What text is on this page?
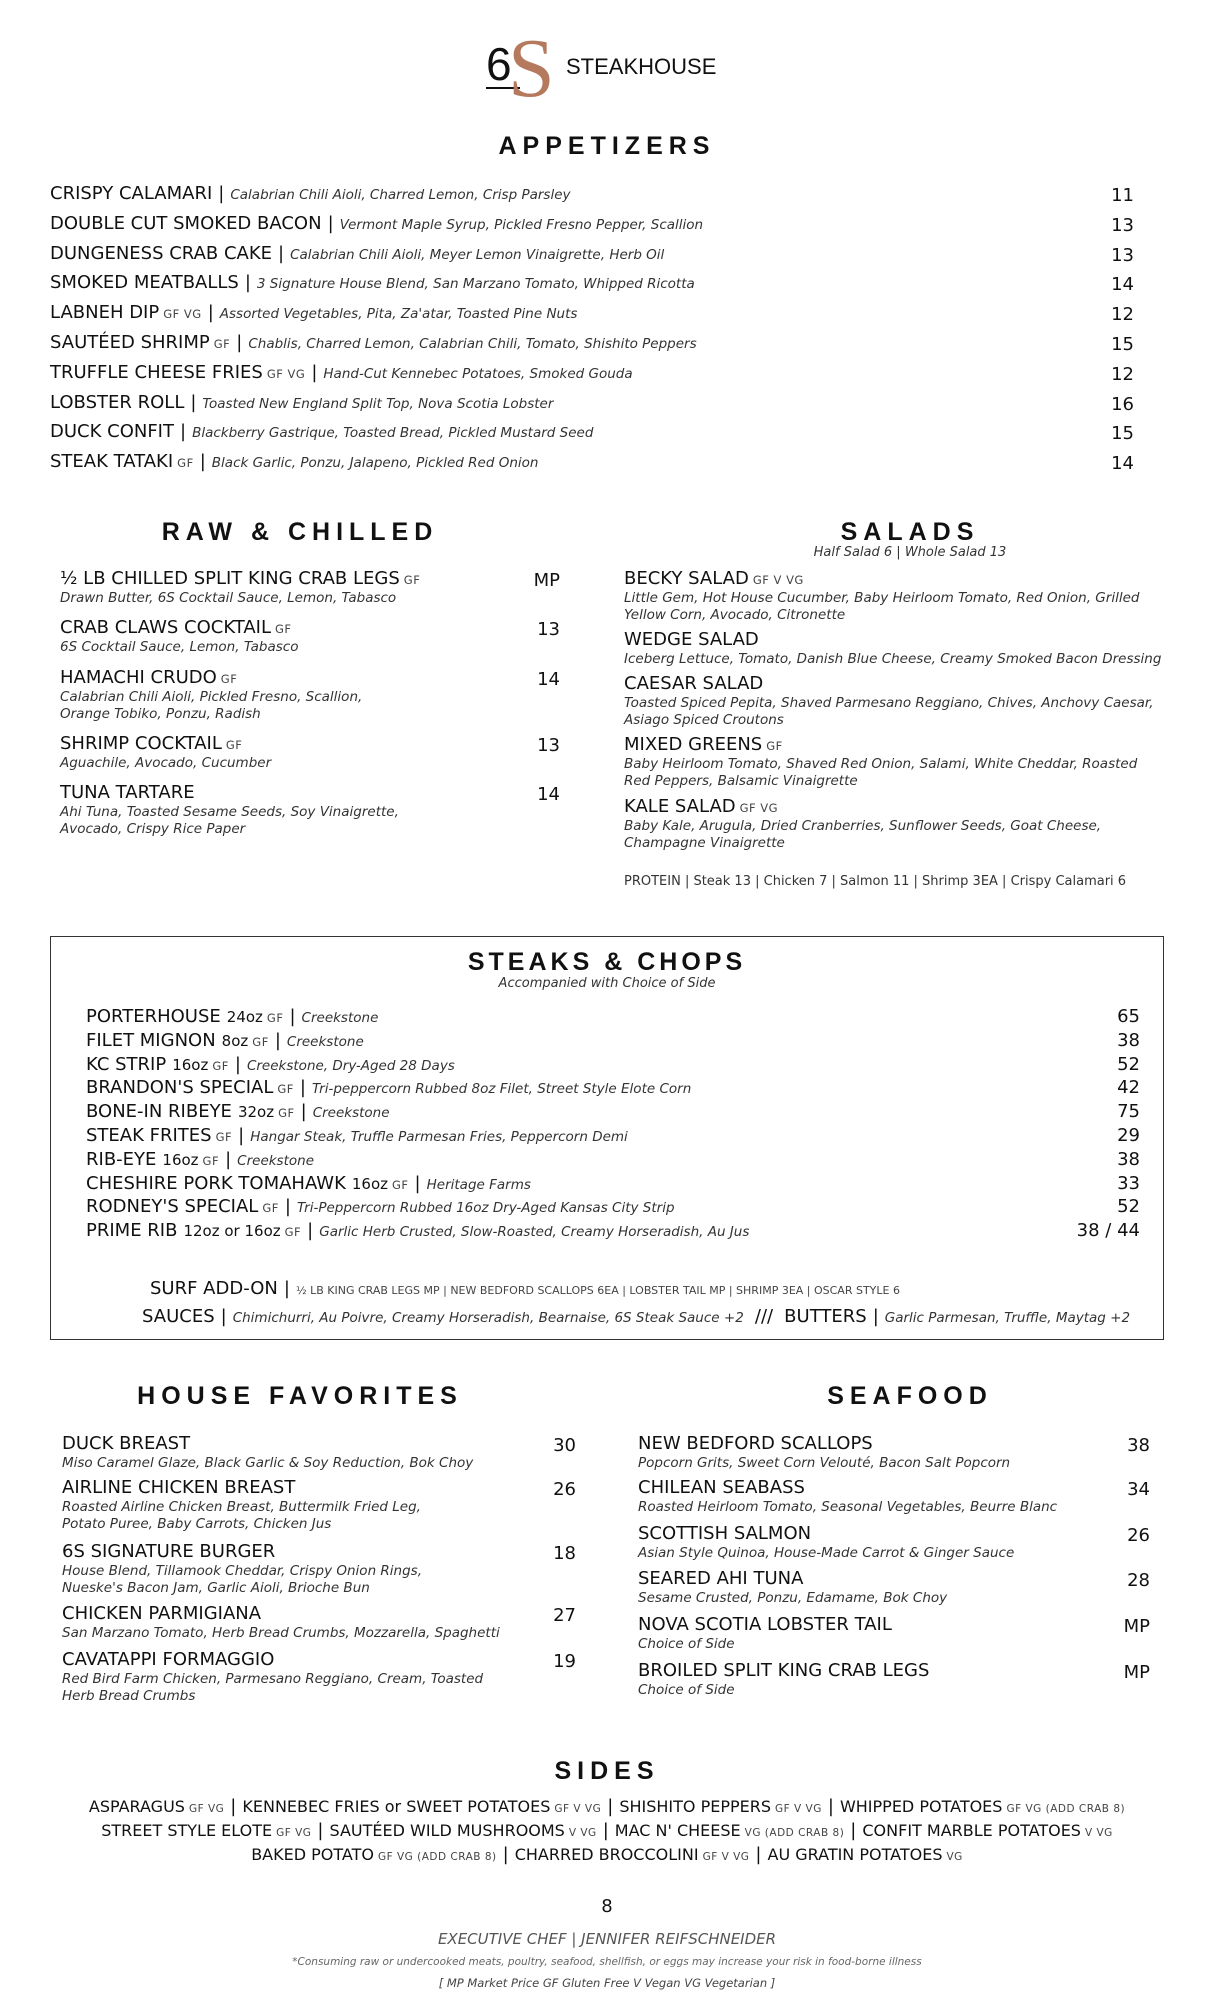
6
S STEAKHOUSE
APPETIZERS
CRISPY CALAMARI | Calabrian Chili Aioli, Charred Lemon, Crisp Parsley	11
DOUBLE CUT SMOKED BACON | Vermont Maple Syrup, Pickled Fresno Pepper, Scallion	13
DUNGENESS CRAB CAKE | Calabrian Chili Aioli, Meyer Lemon Vinaigrette, Herb Oil	13
SMOKED MEATBALLS | 3 Signature House Blend, San Marzano Tomato, Whipped Ricotta	14
LABNEH DIP GF VG | Assorted Vegetables, Pita, Za'atar, Toasted Pine Nuts	12
SAUTÉED SHRIMP GF | Chablis, Charred Lemon, Calabrian Chili, Tomato, Shishito Peppers	15
TRUFFLE CHEESE FRIES GF VG | Hand-Cut Kennebec Potatoes, Smoked Gouda	12
LOBSTER ROLL | Toasted New England Split Top, Nova Scotia Lobster	16
DUCK CONFIT | Blackberry Gastrique, Toasted Bread, Pickled Mustard Seed	15
STEAK TATAKI GF | Black Garlic, Ponzu, Jalapeno, Pickled Red Onion	14
RAW & CHILLED
½ LB CHILLED SPLIT KING CRAB LEGS GF
Drawn Butter, 6S Cocktail Sauce, Lemon, Tabasco
MP
CRAB CLAWS COCKTAIL GF
6S Cocktail Sauce, Lemon, Tabasco
13
HAMACHI CRUDO GF
Calabrian Chili Aioli, Pickled Fresno, Scallion,
Orange Tobiko, Ponzu, Radish
14
SHRIMP COCKTAIL GF
Aguachile, Avocado, Cucumber
13
TUNA TARTARE
Ahi Tuna, Toasted Sesame Seeds, Soy Vinaigrette,
Avocado, Crispy Rice Paper
14
SALADS
Half Salad 6 | Whole Salad 13
BECKY SALAD GF V VG
Little Gem, Hot House Cucumber, Baby Heirloom Tomato, Red Onion, Grilled
Yellow Corn, Avocado, Citronette
WEDGE SALAD
Iceberg Lettuce, Tomato, Danish Blue Cheese, Creamy Smoked Bacon Dressing
CAESAR SALAD
Toasted Spiced Pepita, Shaved Parmesano Reggiano, Chives, Anchovy Caesar,
Asiago Spiced Croutons
MIXED GREENS GF
Baby Heirloom Tomato, Shaved Red Onion, Salami, White Cheddar, Roasted
Red Peppers, Balsamic Vinaigrette
KALE SALAD GF VG
Baby Kale, Arugula, Dried Cranberries, Sunflower Seeds, Goat Cheese,
Champagne Vinaigrette
PROTEIN | Steak 13 | Chicken 7 | Salmon 11 | Shrimp 3EA | Crispy Calamari 6
STEAKS & CHOPS
Accompanied with Choice of Side
PORTERHOUSE 24oz GF | Creekstone	65
FILET MIGNON 8oz GF | Creekstone	38
KC STRIP 16oz GF | Creekstone, Dry-Aged 28 Days	52
BRANDON'S SPECIAL GF | Tri-peppercorn Rubbed 8oz Filet, Street Style Elote Corn	42
BONE-IN RIBEYE 32oz GF | Creekstone	75
STEAK FRITES GF | Hangar Steak, Truffle Parmesan Fries, Peppercorn Demi	29
RIB-EYE 16oz GF | Creekstone	38
CHESHIRE PORK TOMAHAWK 16oz GF | Heritage Farms	33
RODNEY'S SPECIAL GF | Tri-Peppercorn Rubbed 16oz Dry-Aged Kansas City Strip	52
PRIME RIB 12oz or 16oz GF | Garlic Herb Crusted, Slow-Roasted, Creamy Horseradish, Au Jus	38 / 44
SURF ADD-ON | ½ LB KING CRAB LEGS MP | NEW BEDFORD SCALLOPS 6EA | LOBSTER TAIL MP | SHRIMP 3EA | OSCAR STYLE 6
SAUCES | Chimichurri, Au Poivre, Creamy Horseradish, Bearnaise, 6S Steak Sauce +2 /// BUTTERS | Garlic Parmesan, Truffle, Maytag +2
HOUSE FAVORITES
DUCK BREAST
Miso Caramel Glaze, Black Garlic & Soy Reduction, Bok Choy
30
AIRLINE CHICKEN BREAST
Roasted Airline Chicken Breast, Buttermilk Fried Leg,
Potato Puree, Baby Carrots, Chicken Jus
26
6S SIGNATURE BURGER
House Blend, Tillamook Cheddar, Crispy Onion Rings,
Nueske's Bacon Jam, Garlic Aioli, Brioche Bun
18
CHICKEN PARMIGIANA
San Marzano Tomato, Herb Bread Crumbs, Mozzarella, Spaghetti
27
CAVATAPPI FORMAGGIO
Red Bird Farm Chicken, Parmesano Reggiano, Cream, Toasted
Herb Bread Crumbs
19
SEAFOOD
NEW BEDFORD SCALLOPS
Popcorn Grits, Sweet Corn Velouté, Bacon Salt Popcorn
38
CHILEAN SEABASS
Roasted Heirloom Tomato, Seasonal Vegetables, Beurre Blanc
34
SCOTTISH SALMON
Asian Style Quinoa, House-Made Carrot & Ginger Sauce
26
SEARED AHI TUNA
Sesame Crusted, Ponzu, Edamame, Bok Choy
28
NOVA SCOTIA LOBSTER TAIL
Choice of Side
MP
BROILED SPLIT KING CRAB LEGS
Choice of Side
MP
SIDES
ASPARAGUS GF VG | KENNEBEC FRIES or SWEET POTATOES GF V VG | SHISHITO PEPPERS GF V VG | WHIPPED POTATOES GF VG (ADD CRAB 8)
STREET STYLE ELOTE GF VG | SAUTÉED WILD MUSHROOMS V VG | MAC N' CHEESE VG (ADD CRAB 8) | CONFIT MARBLE POTATOES V VG
BAKED POTATO GF VG (ADD CRAB 8) | CHARRED BROCCOLINI GF V VG | AU GRATIN POTATOES VG
8
EXECUTIVE CHEF | JENNIFER REIFSCHNEIDER
*Consuming raw or undercooked meats, poultry, seafood, shellfish, or eggs may increase your risk in food-borne illness
[ MP Market Price GF Gluten Free V Vegan VG Vegetarian ]
